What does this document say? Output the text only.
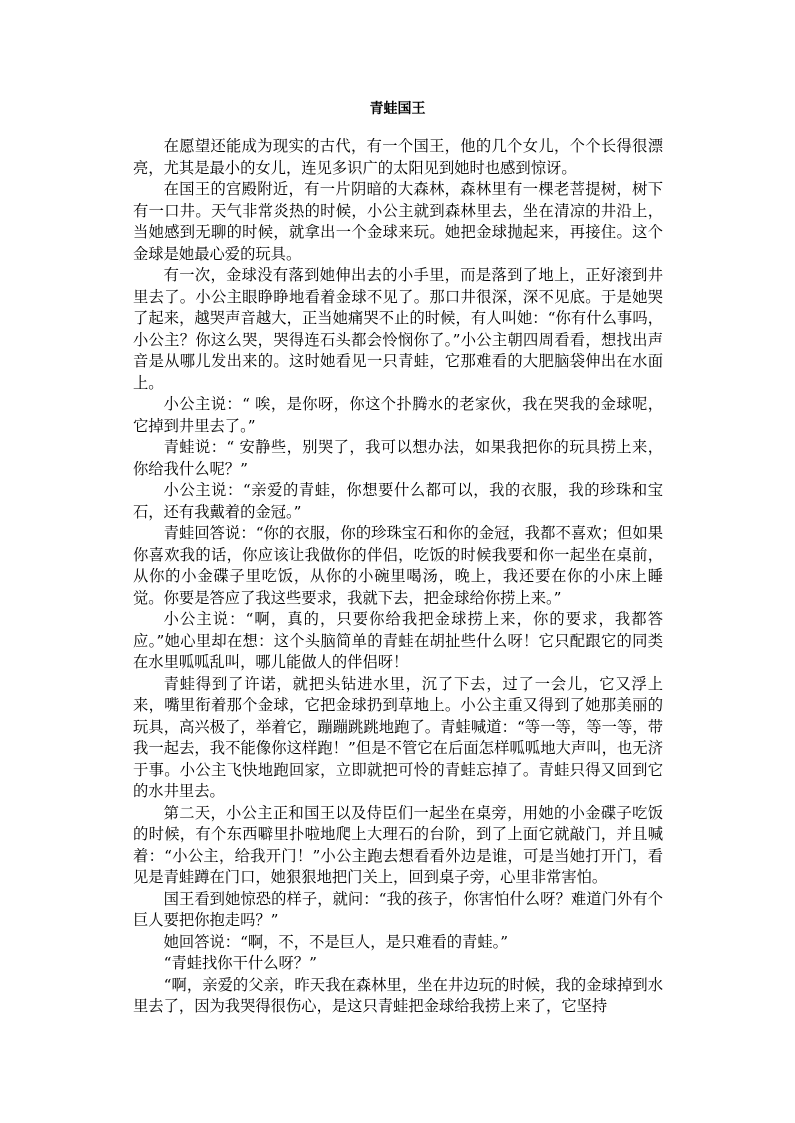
青蛙国王

在愿望还能成为现实的古代，有一个国王，他的几个女儿，个个长得很漂亮，尤其是最小的女儿，连见多识广的太阳见到她时也感到惊讶。

在国王的宫殿附近，有一片阴暗的大森林，森林里有一棵老菩提树，树下有一口井。天气非常炎热的时候，小公主就到森林里去，坐在清凉的井沿上，当她感到无聊的时候，就拿出一个金球来玩。她把金球抛起来，再接住。这个金球是她最心爱的玩具。

有一次，金球没有落到她伸出去的小手里，而是落到了地上，正好滚到井里去了。小公主眼睁睁地看着金球不见了。那口井很深，深不见底。于是她哭了起来，越哭声音越大，正当她痛哭不止的时候，有人叫她：“你有什么事吗，小公主？你这么哭，哭得连石头都会怜悯你了。”小公主朝四周看看，想找出声音是从哪儿发出来的。这时她看见一只青蛙，它那难看的大肥脑袋伸出在水面上。

小公主说：“ 唉，是你呀，你这个扑腾水的老家伙，我在哭我的金球呢，它掉到井里去了。”

青蛙说：“ 安静些，别哭了，我可以想办法，如果我把你的玩具捞上来，你给我什么呢？”

小公主说：“亲爱的青蛙，你想要什么都可以，我的衣服，我的珍珠和宝石，还有我戴着的金冠。”

青蛙回答说：“你的衣服，你的珍珠宝石和你的金冠，我都不喜欢；但如果你喜欢我的话，你应该让我做你的伴侣，吃饭的时候我要和你一起坐在桌前，从你的小金碟子里吃饭，从你的小碗里喝汤，晚上，我还要在你的小床上睡觉。你要是答应了我这些要求，我就下去，把金球给你捞上来。”

小公主说：“啊，真的，只要你给我把金球捞上来，你的要求，我都答应。”她心里却在想：这个头脑简单的青蛙在胡扯些什么呀！它只配跟它的同类在水里呱呱乱叫，哪儿能做人的伴侣呀！

青蛙得到了许诺，就把头钻进水里，沉了下去，过了一会儿，它又浮上来，嘴里衔着那个金球，它把金球扔到草地上。小公主重又得到了她那美丽的玩具，高兴极了，举着它，蹦蹦跳跳地跑了。青蛙喊道：“等一等，等一等，带我一起去，我不能像你这样跑！”但是不管它在后面怎样呱呱地大声叫，也无济于事。小公主飞快地跑回家，立即就把可怜的青蛙忘掉了。青蛙只得又回到它的水井里去。

第二天，小公主正和国王以及侍臣们一起坐在桌旁，用她的小金碟子吃饭的时候，有个东西噼里扑啦地爬上大理石的台阶，到了上面它就敲门，并且喊着：“小公主，给我开门！”小公主跑去想看看外边是谁，可是当她打开门，看见是青蛙蹲在门口，她狠狠地把门关上，回到桌子旁，心里非常害怕。

国王看到她惊恐的样子，就问：“我的孩子，你害怕什么呀？难道门外有个巨人要把你抱走吗？”

她回答说：“啊，不，不是巨人，是只难看的青蛙。”

“青蛙找你干什么呀？”

“啊，亲爱的父亲，昨天我在森林里，坐在井边玩的时候，我的金球掉到水里去了，因为我哭得很伤心，是这只青蛙把金球给我捞上来了，它坚持
